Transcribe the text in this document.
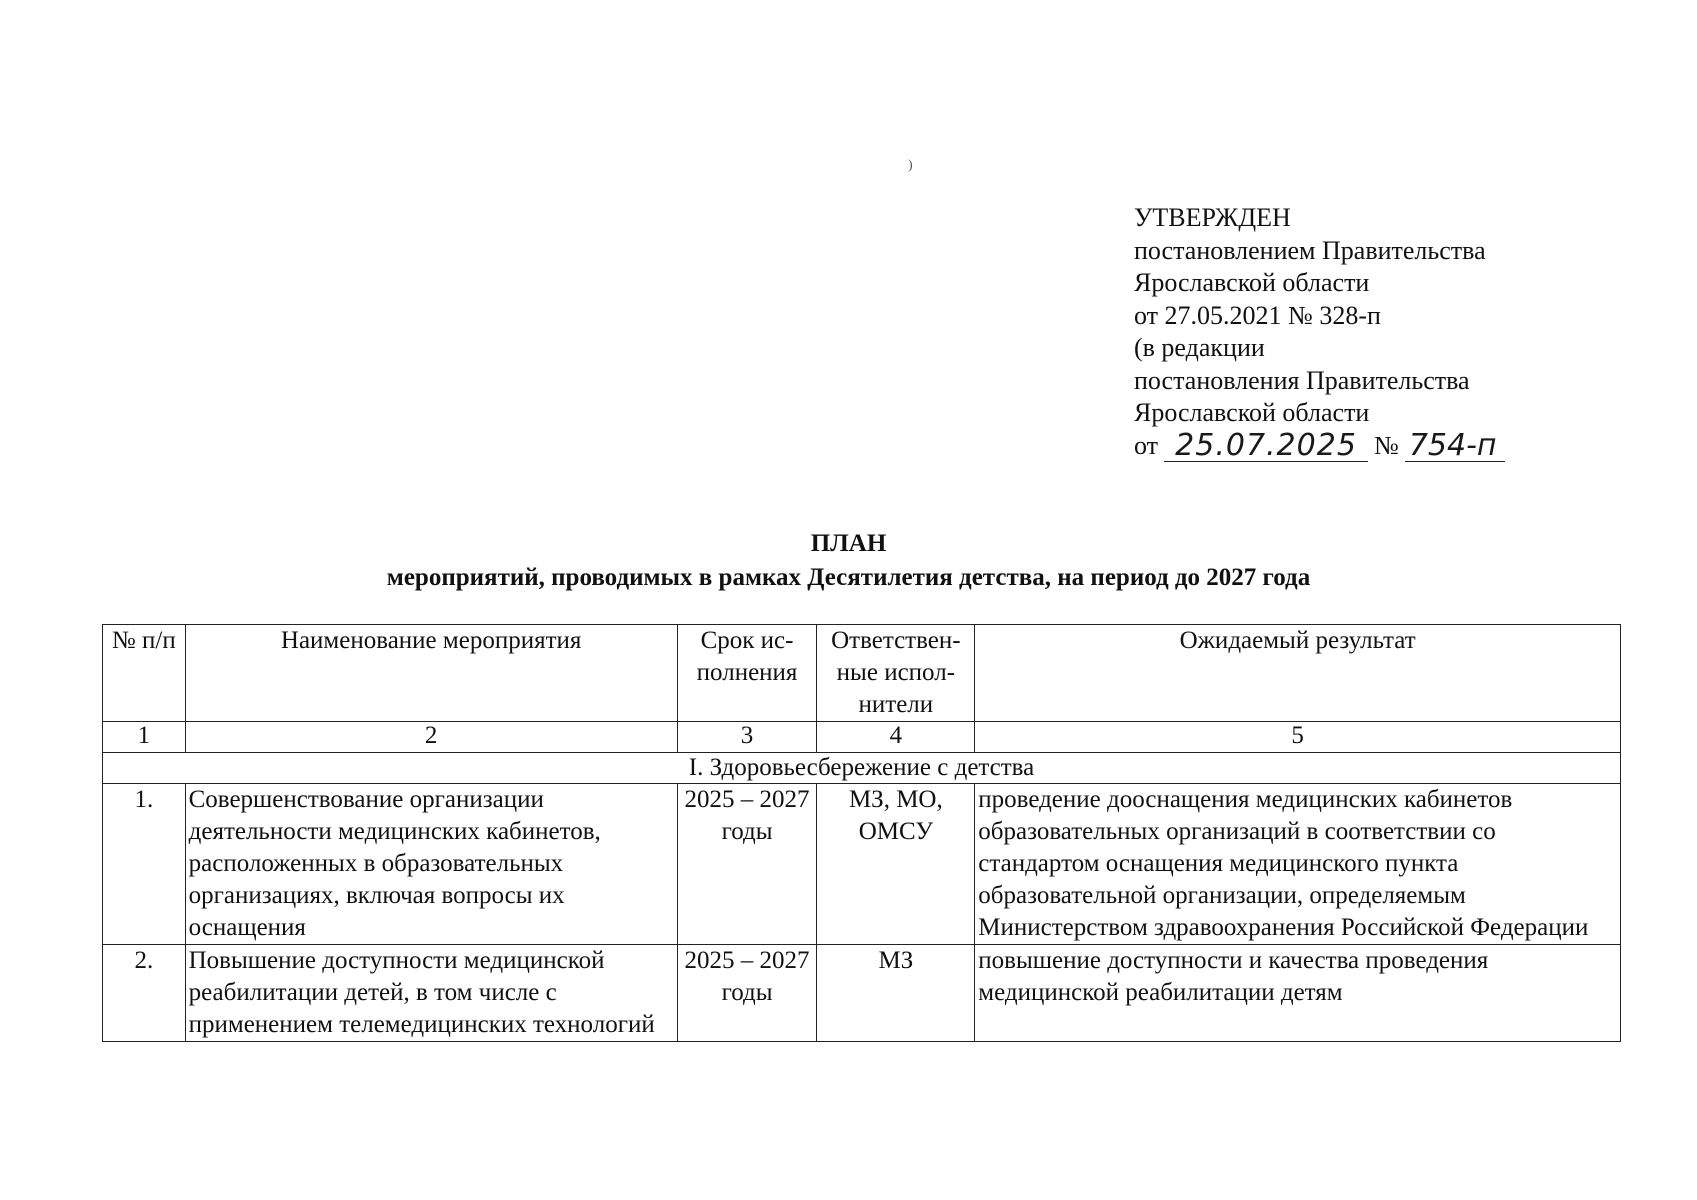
)
УТВЕРЖДЕН
постановлением Правительства
Ярославской области
от 27.05.2021 № 328-п
(в редакции
постановления Правительства
Ярославской области
от 25.07.2025 № 754-п
ПЛАН
мероприятий, проводимых в рамках Десятилетия детства, на период до 2027 года
№ п/п	Наименование мероприятия	Срок ис-полнения	Ответствен-ные испол-нители	Ожидаемый результат
1	2	3	4	5
I. Здоровьесбережение с детства				
1.	Совершенствование организации деятельности медицинских кабинетов, расположенных в образовательных организациях, включая вопросы их оснащения	2025 – 2027 годы	МЗ, МО, ОМСУ	проведение дооснащения медицинских кабинетов образовательных организаций в соответствии со стандартом оснащения медицинского пункта образовательной организации, определяемым Министерством здравоохранения Российской Федерации
2.	Повышение доступности медицинской реабилитации детей, в том числе с применением телемедицинских технологий	2025 – 2027 годы	МЗ	повышение доступности и качества проведения медицинской реабилитации детям
